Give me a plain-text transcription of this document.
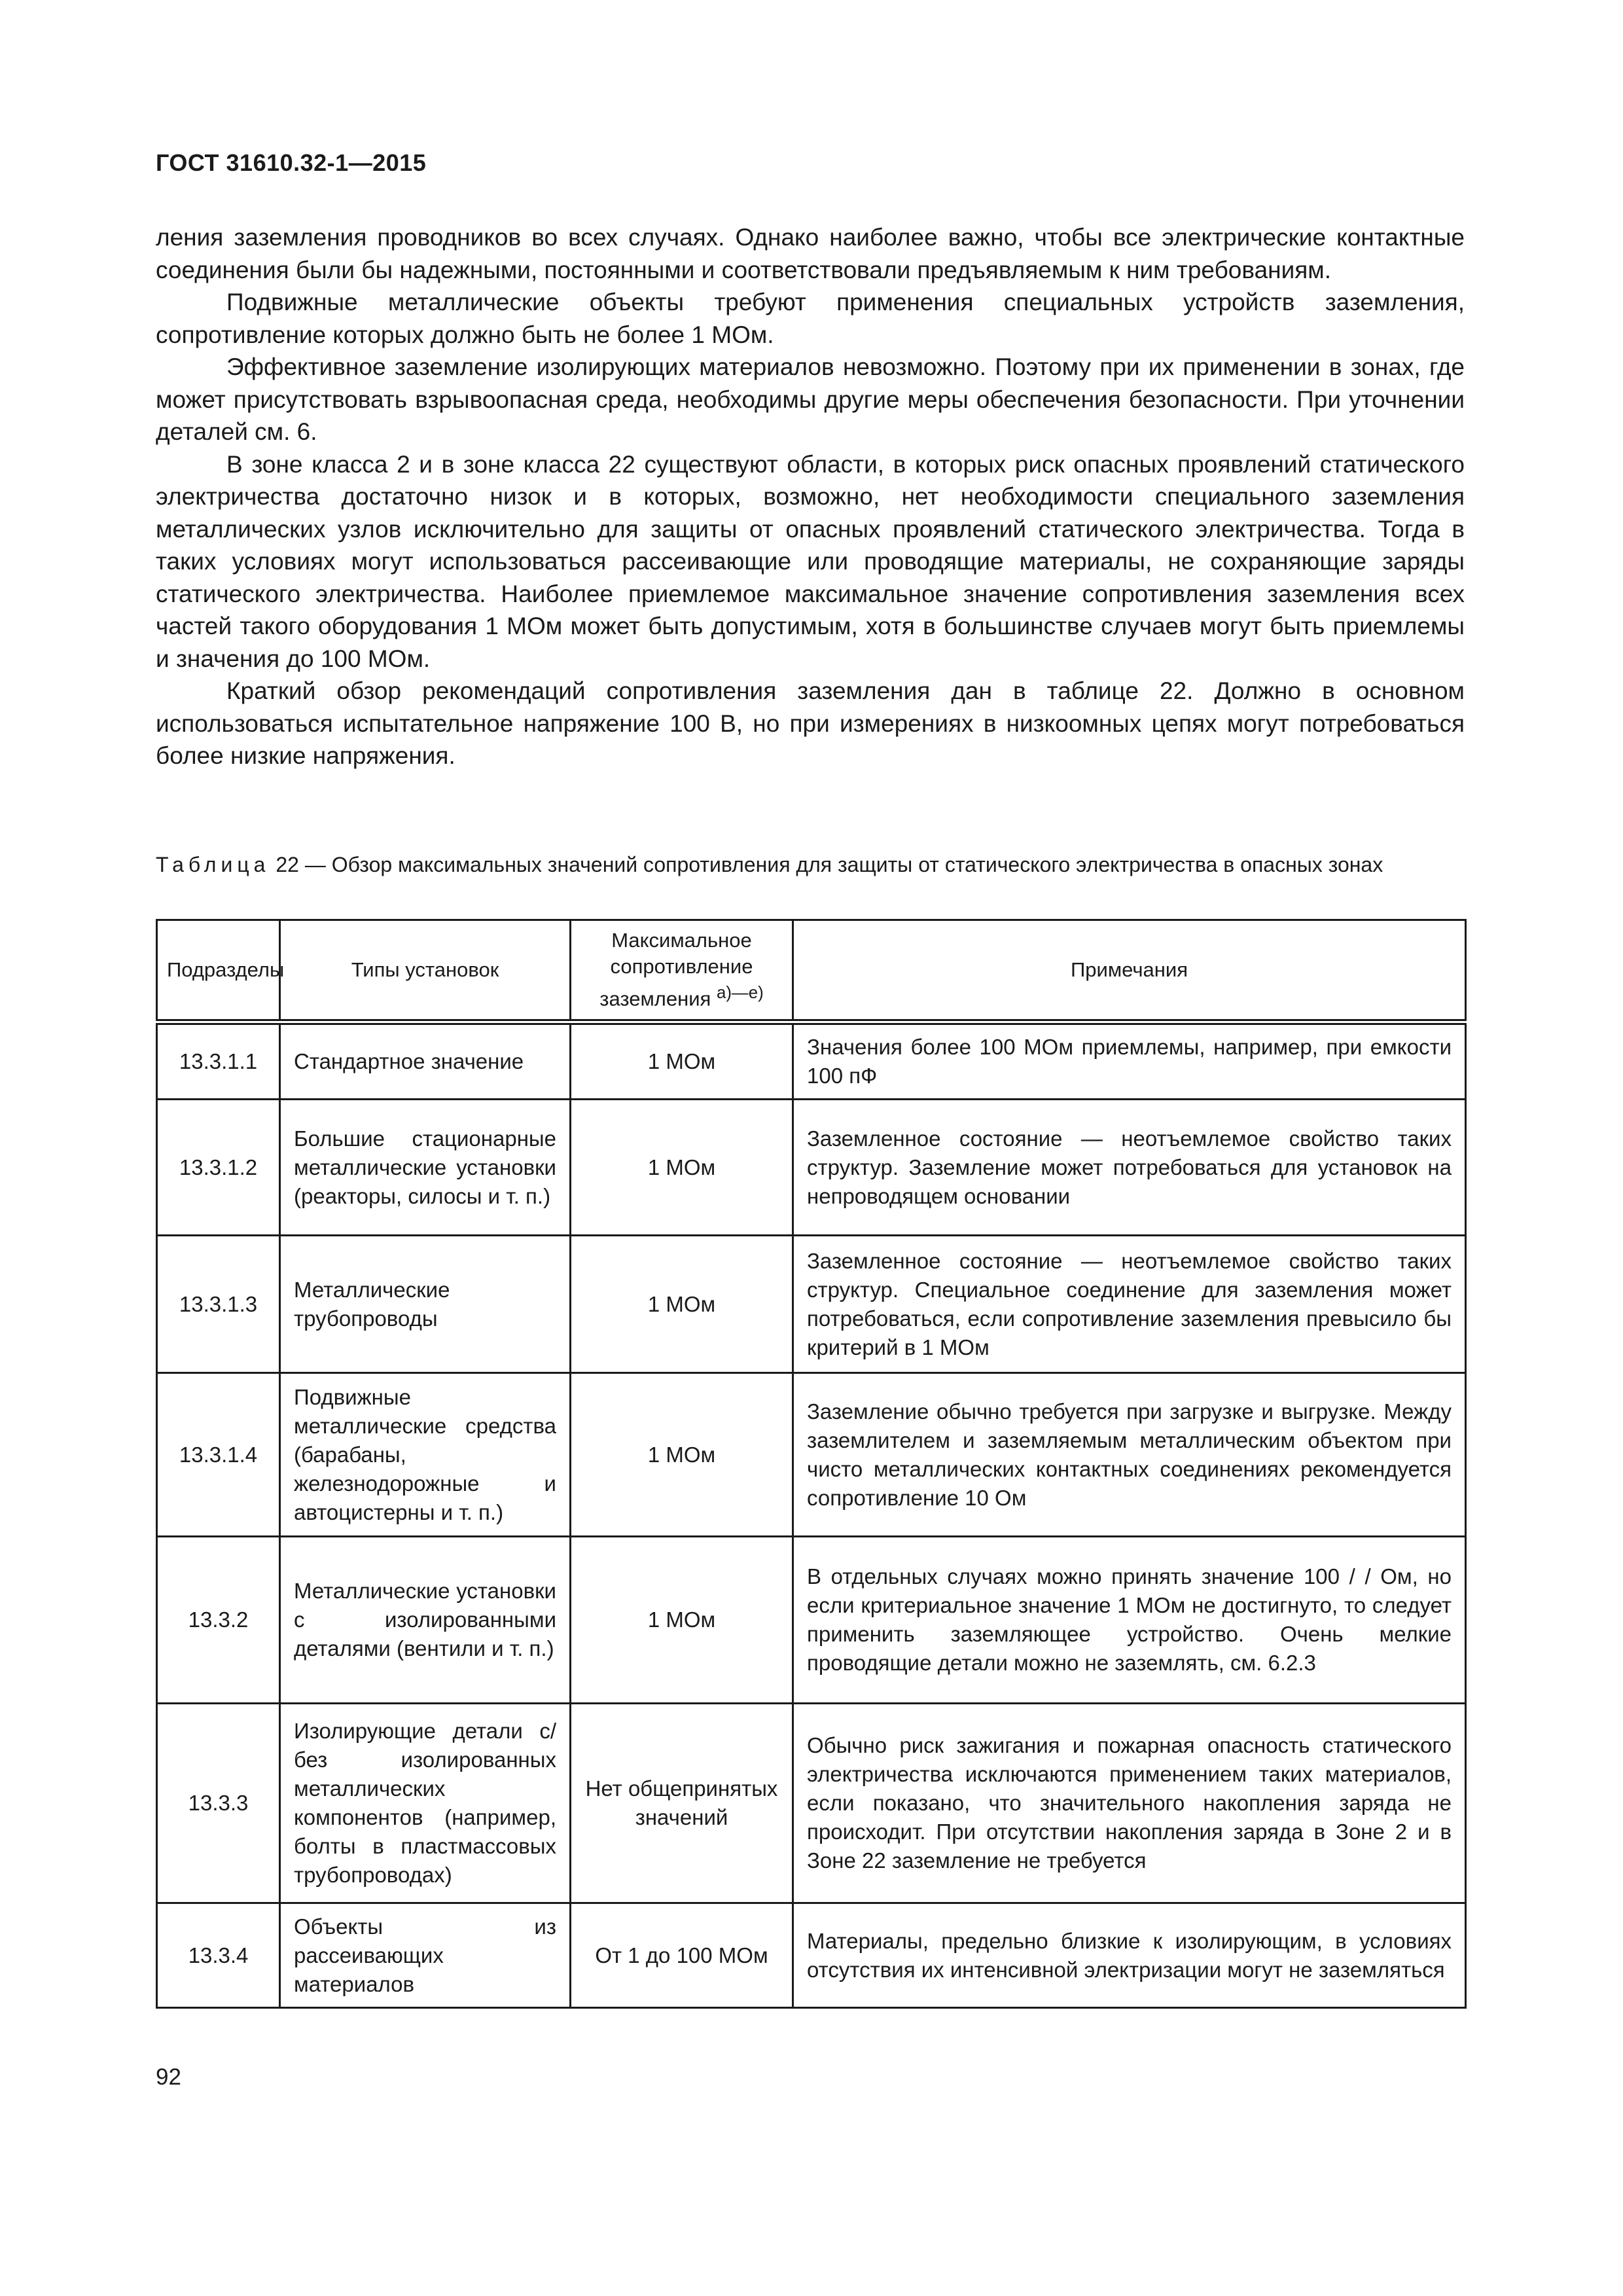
ГОСТ 31610.32-1—2015

ления заземления проводников во всех случаях. Однако наиболее важно, чтобы все электрические контактные соединения были бы надежными, постоянными и соответствовали предъявляемым к ним требованиям.

Подвижные металлические объекты требуют применения специальных устройств заземления, сопротивление которых должно быть не более 1 МОм.

Эффективное заземление изолирующих материалов невозможно. Поэтому при их применении в зонах, где может присутствовать взрывоопасная среда, необходимы другие меры обеспечения безопасности. При уточнении деталей см. 6.

В зоне класса 2 и в зоне класса 22 существуют области, в которых риск опасных проявлений статического электричества достаточно низок и в которых, возможно, нет необходимости специального заземления металлических узлов исключительно для защиты от опасных проявлений статического электричества. Тогда в таких условиях могут использоваться рассеивающие или проводящие материалы, не сохраняющие заряды статического электричества. Наиболее приемлемое максимальное значение сопротивления заземления всех частей такого оборудования 1 МОм может быть допустимым, хотя в большинстве случаев могут быть приемлемы и значения до 100 МОм.

Краткий обзор рекомендаций сопротивления заземления дан в таблице 22. Должно в основном использоваться испытательное напряжение 100 В, но при измерениях в низкоомных цепях могут потребоваться более низкие напряжения.

Таблица 22 — Обзор максимальных значений сопротивления для защиты от статического электричества в опасных зонах
Подразделы	Типы установок	Максимальное сопротивление заземления $^{а)—е)}$	Примечания
13.3.1.1	Стандартное значение	1 МОм	Значения более 100 МОм приемлемы, например, при емкости 100 пФ
13.3.1.2	Большие стационарные металлические установки (реакторы, силосы и т. п.)	1 МОм	Заземленное состояние — неотъемлемое свойство таких структур. Заземление может потребоваться для установок на непроводящем основании
13.3.1.3	Металлические трубопроводы	1 МОм	Заземленное состояние — неотъемлемое свойство таких структур. Специальное соединение для заземления может потребоваться, если сопротивление заземления превысило бы критерий в 1 МОм
13.3.1.4	Подвижные металлические средства (барабаны, железнодорожные и автоцистерны и т. п.)	1 МОм	Заземление обычно требуется при загрузке и выгрузке. Между заземлителем и заземляемым металлическим объектом при чисто металлических контактных соединениях рекомендуется сопротивление 10 Ом
13.3.2	Металлические установки с изолированными деталями (вентили и т. п.)	1 МОм	В отдельных случаях можно принять значение 100 / / Ом, но если критериальное значение 1 МОм не достигнуто, то следует применить заземляющее устройство. Очень мелкие проводящие детали можно не заземлять, см. 6.2.3
13.3.3	Изолирующие детали с/без изолированных металлических компонентов (например, болты в пластмассовых трубопроводах)	Нет общепринятых значений	Обычно риск зажигания и пожарная опасность статического электричества исключаются применением таких материалов, если показано, что значительного накопления заряда не происходит. При отсутствии накопления заряда в Зоне 2 и в Зоне 22 заземление не требуется
13.3.4	Объекты из рассеивающих материалов	От 1 до 100 МОм	Материалы, предельно близкие к изолирующим, в условиях отсутствия их интенсивной электризации могут не заземляться
92
